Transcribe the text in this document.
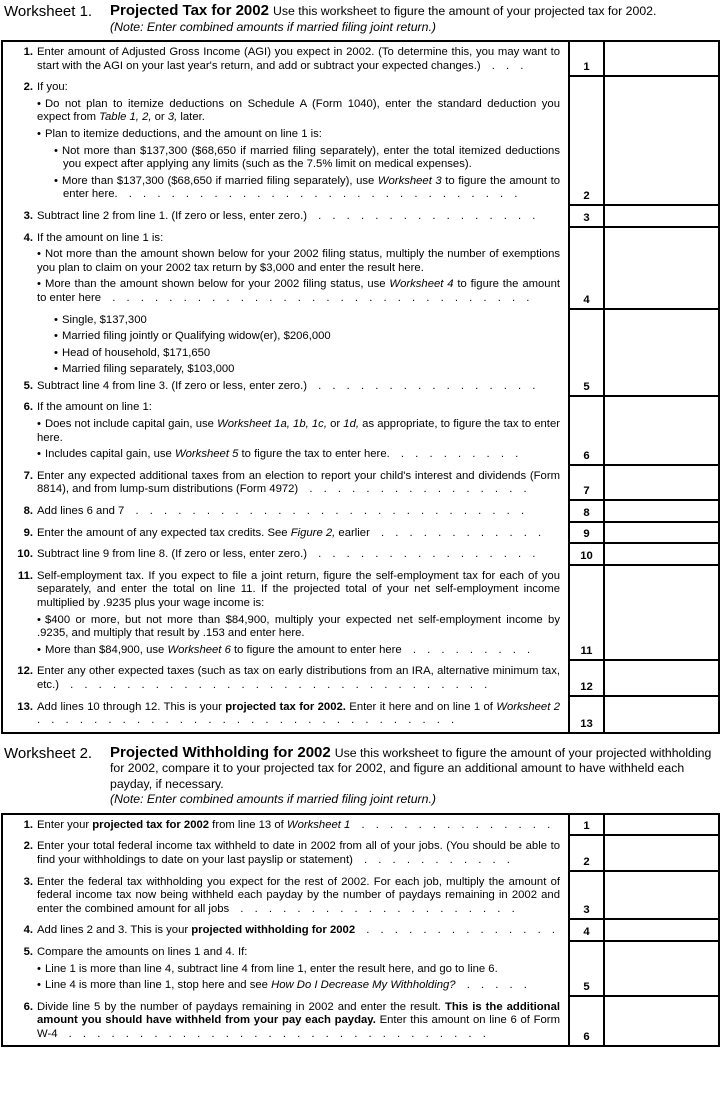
Worksheet 1.	Projected Tax for 2002 Use this worksheet to figure the amount of your projected tax for 2002.
(Note: Enter combined amounts if married filing joint return.)
1. Enter amount of Adjusted Gross Income (AGI) you expect in 2002. (To determine this, you may want to start with the AGI on your last year's return, and add or subtract your expected changes.) . . .	1
2. If you:
• Do not plan to itemize deductions on Schedule A (Form 1040), enter the standard deduction you expect from Table 1, 2, or 3, later.
• Plan to itemize deductions, and the amount on line 1 is:
• Not more than $137,300 ($68,650 if married filing separately), enter the total itemized deductions you expect after applying any limits (such as the 7.5% limit on medical expenses).
• More than $137,300 ($68,650 if married filing separately), use Worksheet 3 to figure the amount to enter here. . . . . . . . . . . . . . . . . . . . . . . . . . . . .	2
3. Subtract line 2 from line 1. (If zero or less, enter zero.) . . . . . . . . . . . . . . . .	3
4. If the amount on line 1 is:
• Not more than the amount shown below for your 2002 filing status, multiply the number of exemptions you plan to claim on your 2002 tax return by $3,000 and enter the result here.
• More than the amount shown below for your 2002 filing status, use Worksheet 4 to figure the amount to enter here . . . . . . . . . . . . . . . . . . . . . . . . . . . . . .	4
• Single, $137,300
• Married filing jointly or Qualifying widow(er), $206,000
• Head of household, $171,650
• Married filing separately, $103,000
5. Subtract line 4 from line 3. (If zero or less, enter zero.) . . . . . . . . . . . . . . . .	5
6. If the amount on line 1:
• Does not include capital gain, use Worksheet 1a, 1b, 1c, or 1d, as appropriate, to figure the tax to enter here.
• Includes capital gain, use Worksheet 5 to figure the tax to enter here. . . . . . . . . .	6
7. Enter any expected additional taxes from an election to report your child's interest and dividends (Form 8814), and from lump-sum distributions (Form 4972) . . . . . . . . . . . . . . . .	7
8. Add lines 6 and 7 . . . . . . . . . . . . . . . . . . . . . . . . . . . .	8
9. Enter the amount of any expected tax credits. See Figure 2, earlier . . . . . . . . . . . .	9
10. Subtract line 9 from line 8. (If zero or less, enter zero.) . . . . . . . . . . . . . . . .	10
11. Self-employment tax. If you expect to file a joint return, figure the self-employment tax for each of you separately, and enter the total on line 11. If the projected total of your net self-employment income multiplied by .9235 plus your wage income is:
• $400 or more, but not more than $84,900, multiply your expected net self-employment income by .9235, and multiply that result by .153 and enter here.
• More than $84,900, use Worksheet 6 to figure the amount to enter here . . . . . . . . .	11
12. Enter any other expected taxes (such as tax on early distributions from an IRA, alternative minimum tax, etc.) . . . . . . . . . . . . . . . . . . . . . . . . . . . . . .	12
13. Add lines 10 through 12. This is your projected tax for 2002. Enter it here and on line 1 of Worksheet 2 . . . . . . . . . . . . . . . . . . . . . . . . . . . . . .	13
Worksheet 2.	Projected Withholding for 2002 Use this worksheet to figure the amount of your projected withholding for 2002, compare it to your projected tax for 2002, and figure an additional amount to have withheld each payday, if necessary.
(Note: Enter combined amounts if married filing joint return.)
1. Enter your projected tax for 2002 from line 13 of Worksheet 1 . . . . . . . . . . . . . .	1
2. Enter your total federal income tax withheld to date in 2002 from all of your jobs. (You should be able to find your withholdings to date on your last payslip or statement) . . . . . . . . . . .	2
3. Enter the federal tax withholding you expect for the rest of 2002. For each job, multiply the amount of federal income tax now being withheld each payday by the number of paydays remaining in 2002 and enter the combined amount for all jobs . . . . . . . . . . . . . . . . . . . .	3
4. Add lines 2 and 3. This is your projected withholding for 2002 . . . . . . . . . . . . . .	4
5. Compare the amounts on lines 1 and 4. If:
• Line 1 is more than line 4, subtract line 4 from line 1, enter the result here, and go to line 6.
• Line 4 is more than line 1, stop here and see How Do I Decrease My Withholding? . . . . .	5
6. Divide line 5 by the number of paydays remaining in 2002 and enter the result. This is the additional amount you should have withheld from your pay each payday. Enter this amount on line 6 of Form W-4 . . . . . . . . . . . . . . . . . . . . . . . . . . . . . .	6
